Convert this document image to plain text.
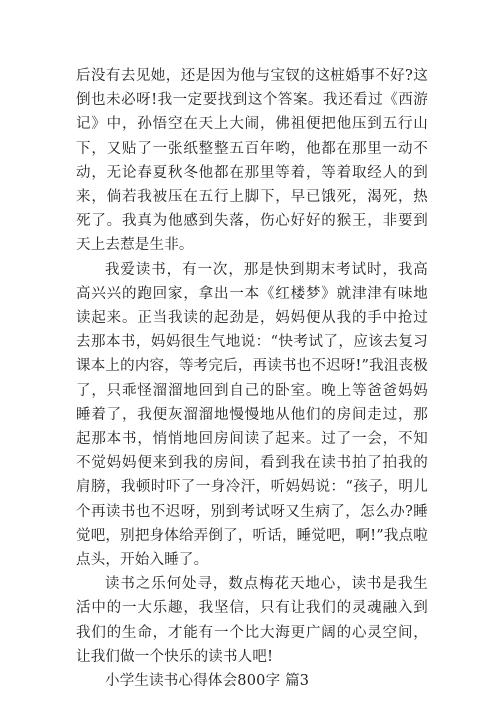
后没有去见她，还是因为他与宝钗的这桩婚事不好?这倒也未必呀!我一定要找到这个答案。我还看过《西游记》中，孙悟空在天上大闹，佛祖便把他压到五行山下，又贴了一张纸整整五百年哟，他都在那里一动不动，无论春夏秋冬他都在那里等着，等着取经人的到来，倘若我被压在五行上脚下，早已饿死，渴死，热死了。我真为他感到失落，伤心好好的猴王，非要到天上去惹是生非。

我爱读书，有一次，那是快到期末考试时，我高高兴兴的跑回家，拿出一本《红楼梦》就津津有味地读起来。正当我读的起劲是，妈妈便从我的手中抢过去那本书，妈妈很生气地说：“快考试了，应该去复习课本上的内容，等考完后，再读书也不迟呀!”我沮丧极了，只乖怪溜溜地回到自己的卧室。晚上等爸爸妈妈睡着了，我便灰溜溜地慢慢地从他们的房间走过，那起那本书，悄悄地回房间读了起来。过了一会，不知不觉妈妈便来到我的房间，看到我在读书拍了拍我的肩膀，我顿时吓了一身冷汗，听妈妈说：“孩子，明儿个再读书也不迟呀，别到考试呀又生病了，怎么办?睡觉吧，别把身体给弄倒了，听话，睡觉吧，啊!”我点啦点头，开始入睡了。

读书之乐何处寻，数点梅花天地心，读书是我生活中的一大乐趣，我坚信，只有让我们的灵魂融入到我们的生命，才能有一个比大海更广阔的心灵空间，让我们做一个快乐的读书人吧!

小学生读书心得体会800字 篇3
